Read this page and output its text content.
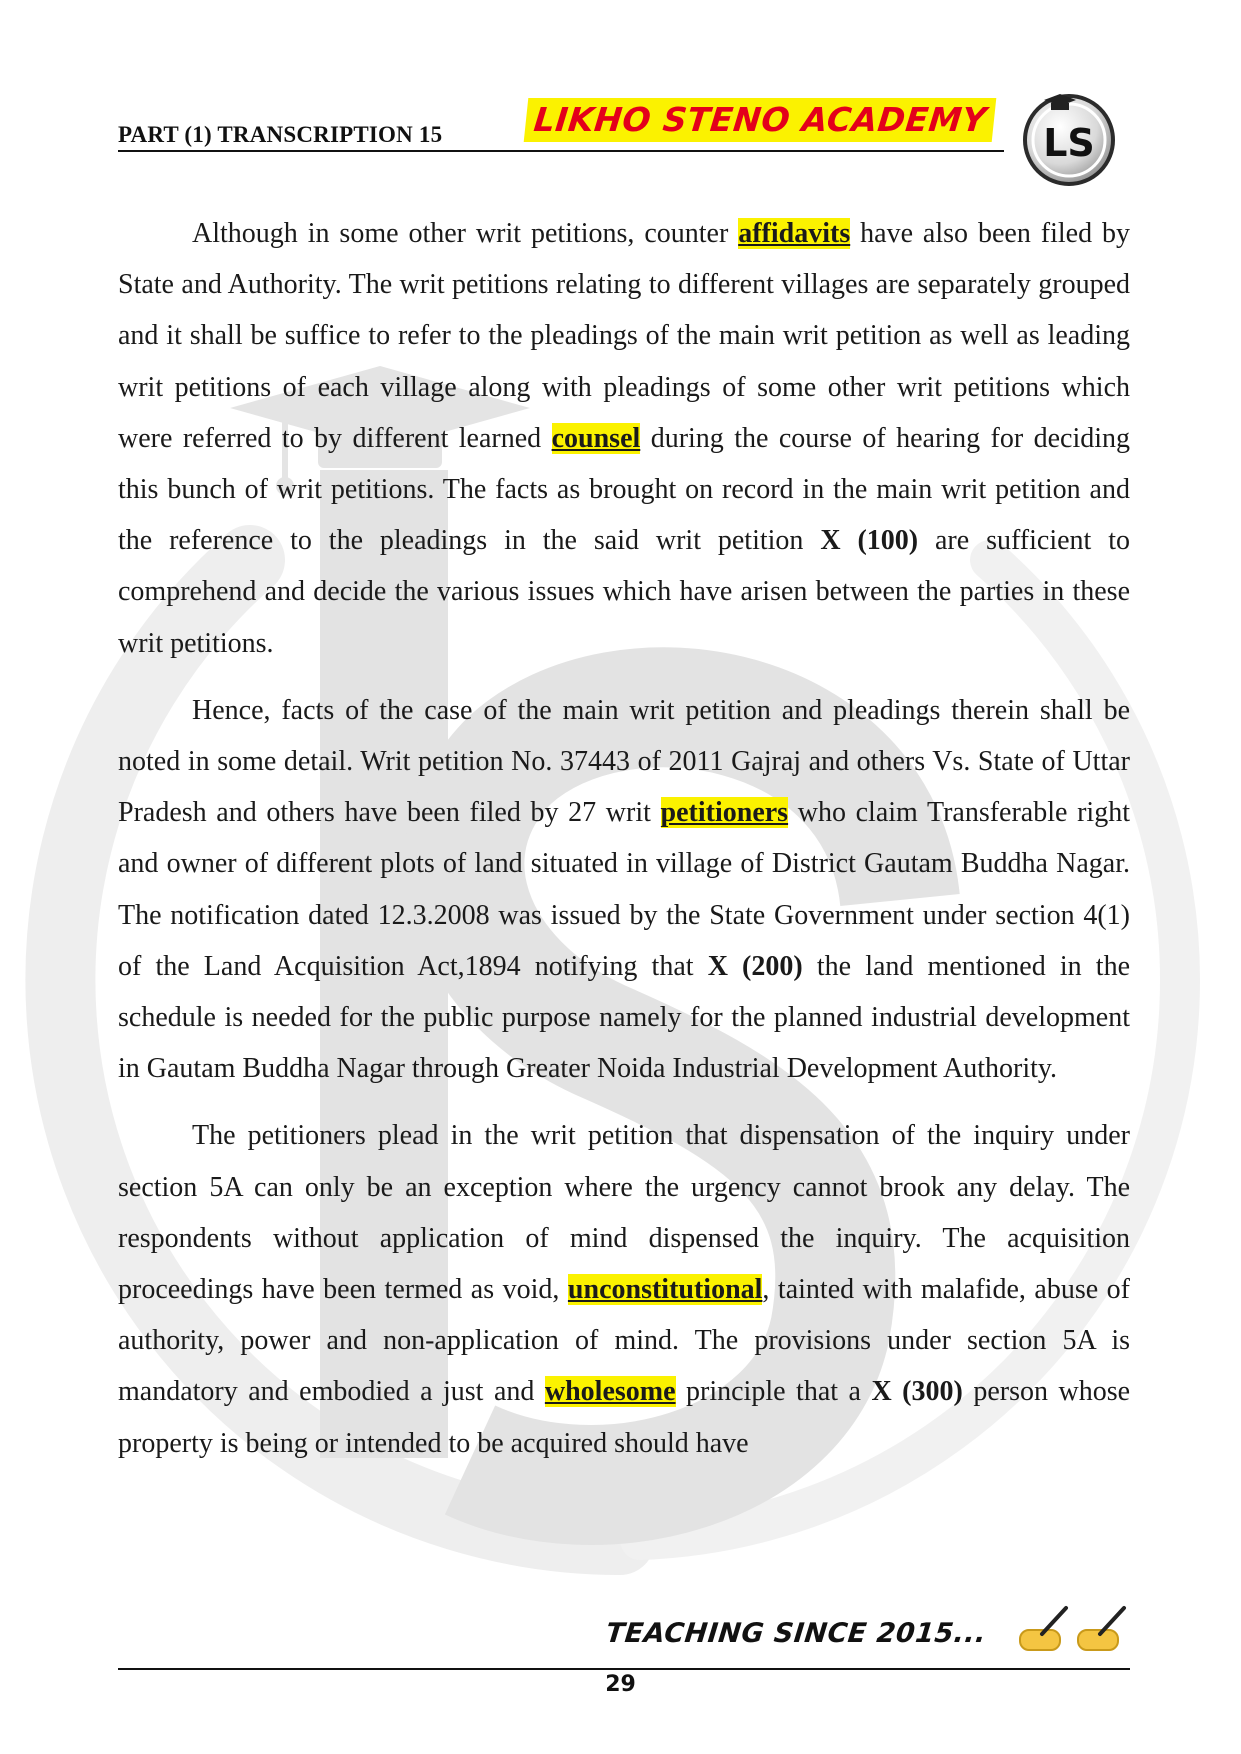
PART (1) TRANSCRIPTION 15	LIKHO STENO ACADEMY
LS

Although in some other writ petitions, counter affidavits have also been filed by State and Authority. The writ petitions relating to different villages are separately grouped and it shall be suffice to refer to the pleadings of the main writ petition as well as leading writ petitions of each village along with pleadings of some other writ petitions which were referred to by different learned counsel during the course of hearing for deciding this bunch of writ petitions. The facts as brought on record in the main writ petition and the reference to the pleadings in the said writ petition X (100) are sufficient to comprehend and decide the various issues which have arisen between the parties in these writ petitions.

Hence, facts of the case of the main writ petition and pleadings therein shall be noted in some detail. Writ petition No. 37443 of 2011 Gajraj and others Vs. State of Uttar Pradesh and others have been filed by 27 writ petitioners who claim Transferable right and owner of different plots of land situated in village of District Gautam Buddha Nagar. The notification dated 12.3.2008 was issued by the State Government under section 4(1) of the Land Acquisition Act,1894 notifying that X (200) the land mentioned in the schedule is needed for the public purpose namely for the planned industrial development in Gautam Buddha Nagar through Greater Noida Industrial Development Authority.

The petitioners plead in the writ petition that dispensation of the inquiry under section 5A can only be an exception where the urgency cannot brook any delay. The respondents without application of mind dispensed the inquiry. The acquisition proceedings have been termed as void, unconstitutional, tainted with malafide, abuse of authority, power and non-application of mind. The provisions under section 5A is mandatory and embodied a just and wholesome principle that a X (300) person whose property is being or intended to be acquired should have

TEACHING SINCE 2015...
29
